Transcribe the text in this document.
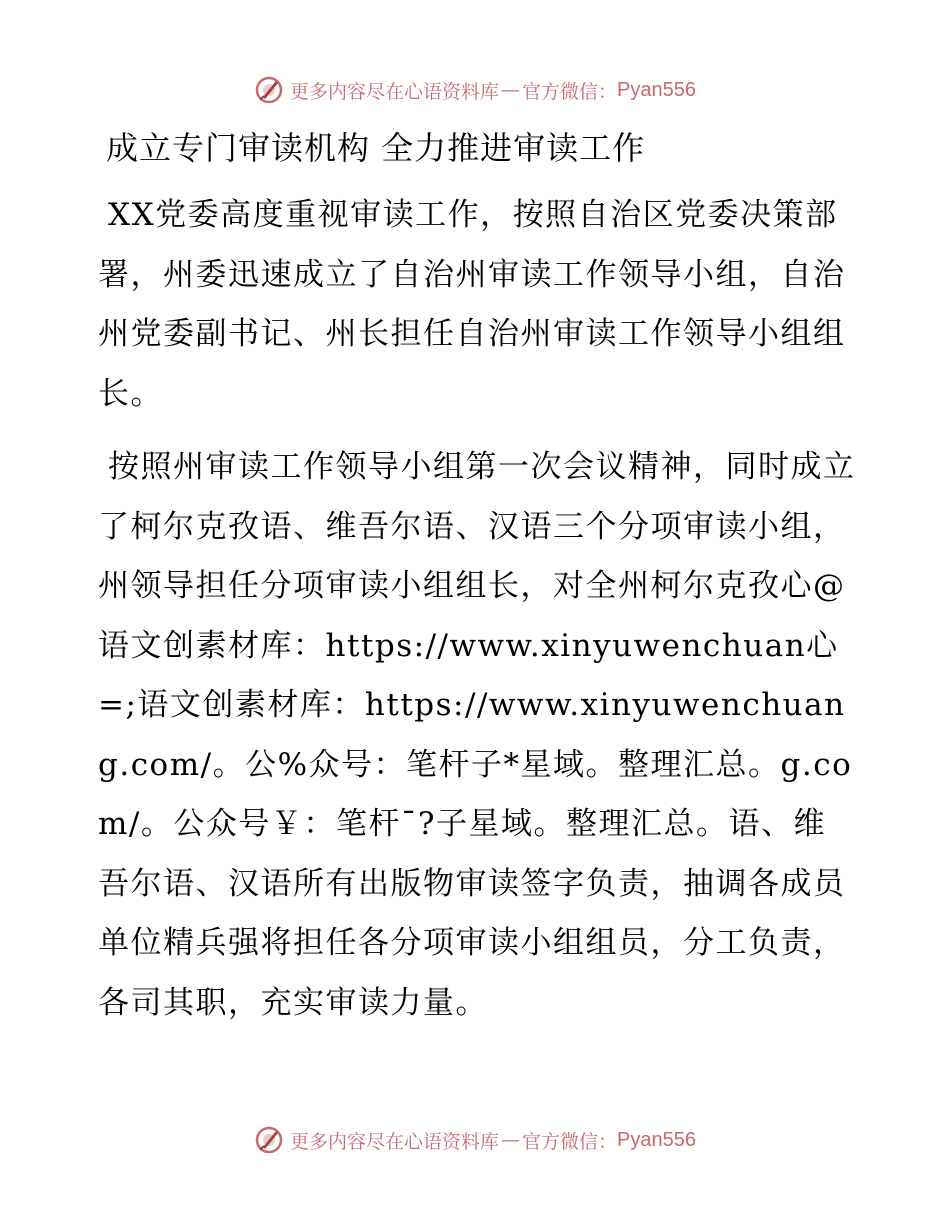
更多内容尽在心语资料库 — 官方微信： Pyan556
成立专门审读机构 全力推进审读工作

XX党委高度重视审读工作，按照自治区党委决策部署，州委迅速成立了自治州审读工作领导小组，自治州党委副书记、州长担任自治州审读工作领导小组组长。

按照州审读工作领导小组第一次会议精神，同时成立了柯尔克孜语、维吾尔语、汉语三个分项审读小组，州领导担任分项审读小组组长，对全州柯尔克孜心@语文创素材库：https://www.xinyuwenchuan心=;语文创素材库：https://www.xinyuwenchuang.com/。公%众号：笔杆子*星域。整理汇总。g.com/。公众号￥：笔杆¯?子星域。整理汇总。语、维吾尔语、汉语所有出版物审读签字负责，抽调各成员单位精兵强将担任各分项审读小组组员，分工负责，各司其职，充实审读力量。

更多内容尽在心语资料库 — 官方微信： Pyan556
